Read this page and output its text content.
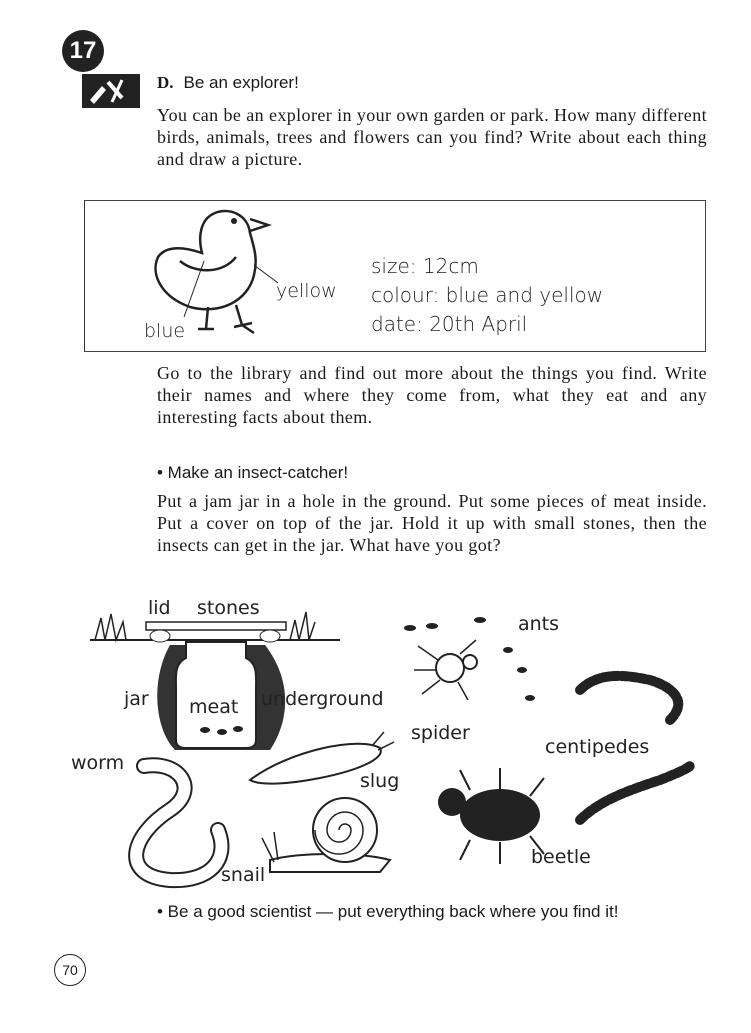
17
D. Be an explorer!
You can be an explorer in your own garden or park. How many different birds, animals, trees and flowers can you find? Write about each thing and draw a picture.
yellow
blue
size: 12cm
colour: blue and yellow
date: 20th April
Go to the library and find out more about the things you find. Write their names and where they come from, what they eat and any interesting facts about them.
• Make an insect-catcher!
Put a jam jar in a hole in the ground. Put some pieces of meat inside. Put a cover on top of the jar. Hold it up with small stones, then the insects can get in the jar. What have you got?
lid stones
ants
jar meat underground
spider
centipedes
worm
slug
beetle
snail
• Be a good scientist — put everything back where you find it!
70
